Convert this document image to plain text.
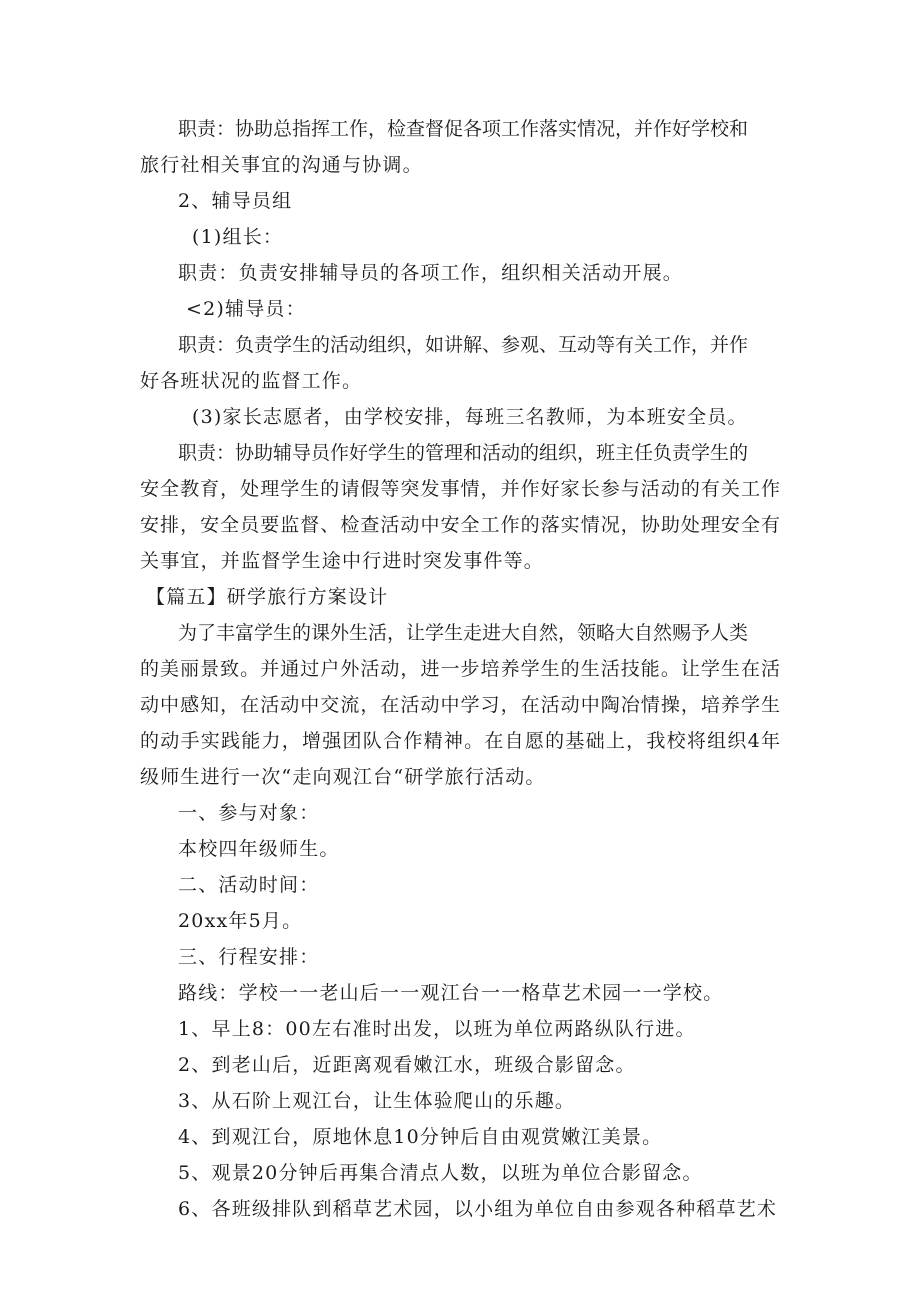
职责：协助总指挥工作，检查督促各项工作落实情况，并作好学校和
旅行社相关事宜的沟通与协调。
2、辅导员组
(1)组长：
职责：负责安排辅导员的各项工作，组织相关活动开展。
<2)辅导员：
职责：负责学生的活动组织，如讲解、参观、互动等有关工作，并作
好各班状况的监督工作。
(3)家长志愿者，由学校安排，每班三名教师，为本班安全员。
职责：协助辅导员作好学生的管理和活动的组织，班主任负责学生的
安全教育，处理学生的请假等突发事情，并作好家长参与活动的有关工作
安排，安全员要监督、检查活动中安全工作的落实情况，协助处理安全有
关事宜，并监督学生途中行进时突发事件等。
【篇五】研学旅行方案设计
为了丰富学生的课外生活，让学生走进大自然，领略大自然赐予人类
的美丽景致。并通过户外活动，进一步培养学生的生活技能。让学生在活
动中感知，在活动中交流，在活动中学习，在活动中陶冶情操，培养学生
的动手实践能力，增强团队合作精神。在自愿的基础上，我校将组织4年
级师生进行一次“走向观江台“研学旅行活动。
一、参与对象：
本校四年级师生。
二、活动时间：
20xx年5月。
三、行程安排：
路线：学校一一老山后一一观江台一一格草艺术园一一学校。
1、早上8：00左右准时出发，以班为单位两路纵队行进。
2、到老山后，近距离观看嫩江水，班级合影留念。
3、从石阶上观江台，让生体验爬山的乐趣。
4、到观江台，原地休息10分钟后自由观赏嫩江美景。
5、观景20分钟后再集合清点人数，以班为单位合影留念。
6、各班级排队到稻草艺术园，以小组为单位自由参观各种稻草艺术
